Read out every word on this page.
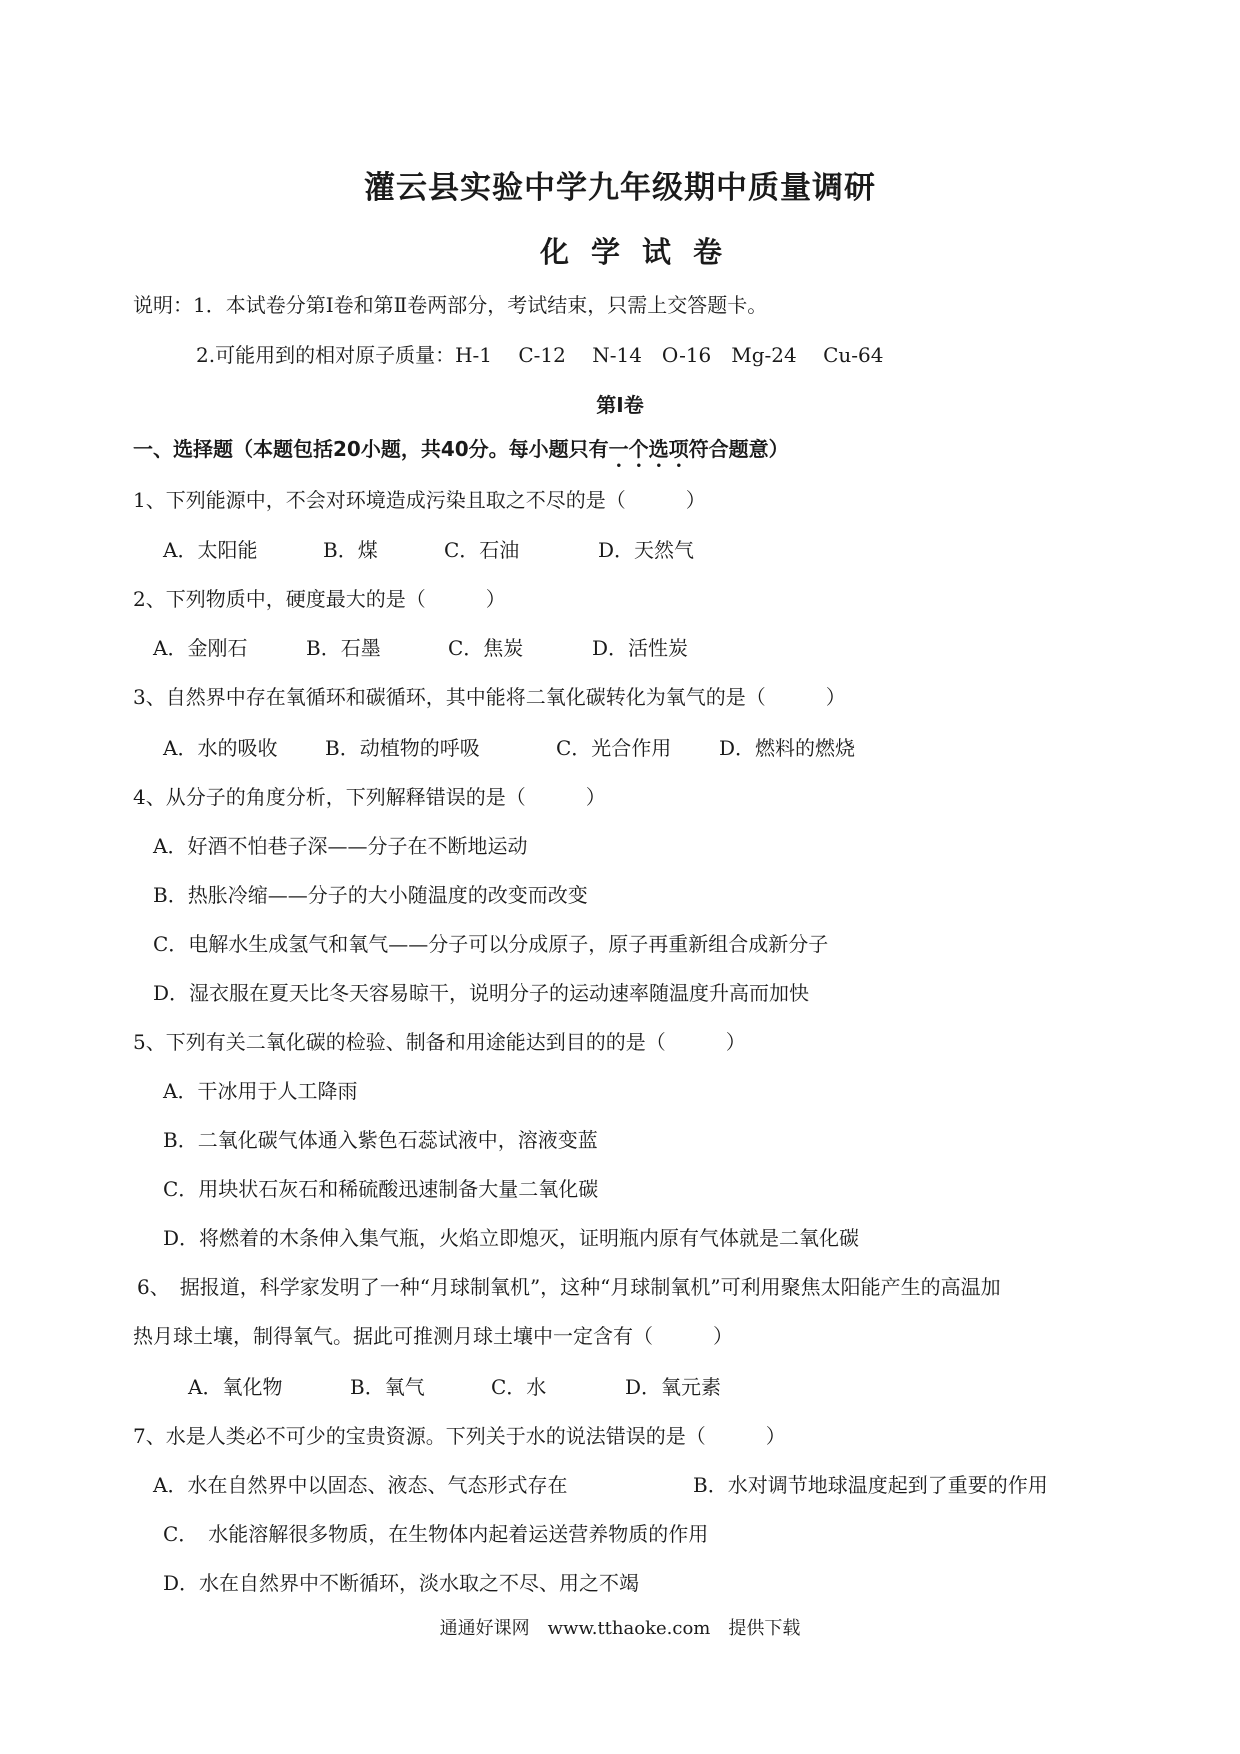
灌云县实验中学九年级期中质量调研
化学试卷
说明：1．本试卷分第Ⅰ卷和第Ⅱ卷两部分，考试结束，只需上交答题卡。
2.可能用到的相对原子质量：H-1　 C-12　 N-14　O-16　Mg-24　 Cu-64
第Ⅰ卷
一、选择题（本题包括20小题，共40分。每小题只有一个选项符合题意）
1、下列能源中，不会对环境造成污染且取之不尽的是（　　　）
A．太阳能	B．煤	C．石油	D．天然气
2、下列物质中，硬度最大的是（　　　）
A．金刚石	B．石墨	C．焦炭	D．活性炭
3、自然界中存在氧循环和碳循环，其中能将二氧化碳转化为氧气的是（　　　）
A．水的吸收 B．动植物的呼吸	C．光合作用 D．燃料的燃烧
4、从分子的角度分析，下列解释错误的是（　　　）
A．好酒不怕巷子深——分子在不断地运动
B．热胀冷缩——分子的大小随温度的改变而改变
C．电解水生成氢气和氧气——分子可以分成原子，原子再重新组合成新分子
D．湿衣服在夏天比冬天容易晾干，说明分子的运动速率随温度升高而加快
5、下列有关二氧化碳的检验、制备和用途能达到目的的是（　　　）
A．干冰用于人工降雨
B．二氧化碳气体通入紫色石蕊试液中，溶液变蓝
C．用块状石灰石和稀硫酸迅速制备大量二氧化碳
D．将燃着的木条伸入集气瓶，火焰立即熄灭，证明瓶内原有气体就是二氧化碳
6、　据报道，科学家发明了一种“月球制氧机”，这种“月球制氧机”可利用聚焦太阳能产生的高温加
热月球土壤，制得氧气。据此可推测月球土壤中一定含有（　　　）
A．氧化物	B．氧气	C．水	D．氧元素
7、水是人类必不可少的宝贵资源。下列关于水的说法错误的是（　　　）
A．水在自然界中以固态、液态、气态形式存在	B．水对调节地球温度起到了重要的作用
C．　水能溶解很多物质，在生物体内起着运送营养物质的作用
D．水在自然界中不断循环，淡水取之不尽、用之不竭
通通好课网　www.tthaoke.com　提供下载
